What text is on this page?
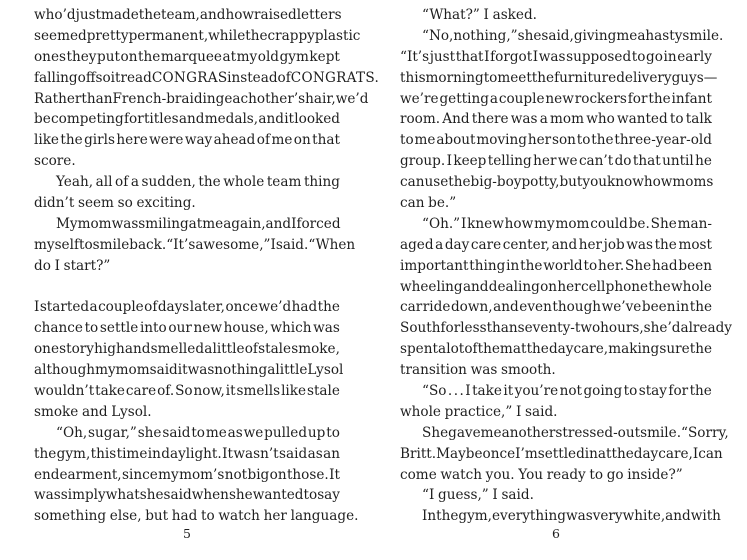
who’d just made the team, and how raised letters
seemed pretty permanent, while the crappy plastic
ones they put on the marquee at my old gym kept
falling off so it read CONGRA S instead of CONGRATS.
Rather than French-braiding each other’s hair, we’d
be competing for titles and medals, and it looked
like the girls here were way ahead of me on that
score.
Yeah, all of a sudden, the whole team thing
didn’t seem so exciting.
My mom was smiling at me again, and I forced
myself to smile back. “It’s awesome,” I said. “When
do I start?”
I started a couple of days later, once we’d had the
chance to settle into our new house, which was
one story high and smelled a little of stale smoke,
although my mom said it was nothing a little Lysol
wouldn’t take care of. So now, it smells like stale
smoke and Lysol.
“Oh, sugar,” she said to me as we pulled up to
the gym, this time in daylight. It wasn’t said as an
endearment, since my mom’s not big on those. It
was simply what she said when she wanted to say
something else, but had to watch her language.
5
“What?” I asked.
“No, nothing,” she said, giving me a hasty smile.
“It’s just that I forgot I was supposed to go in early
this morning to meet the furniture delivery guys—
we’re getting a couple new rockers for the infant
room. And there was a mom who wanted to talk
to me about moving her son to the three-year-old
group. I keep telling her we can’t do that until he
can use the big-boy potty, but you know how moms
can be.”
“Oh.” I knew how my mom could be. She man-
aged a day care center, and her job was the most
important thing in the world to her. She had been
wheeling and dealing on her cell phone the whole
car ride down, and even though we’ve been in the
South for less than seventy-two hours, she’d already
spent a lot of them at the day care, making sure the
transition was smooth.
“So . . . I take it you’re not going to stay for the
whole practice,” I said.
She gave me another stressed-out smile. “Sorry,
Britt. Maybe once I’m settled in at the day care, I can
come watch you. You ready to go inside?”
“I guess,” I said.
In the gym, everything was very white, and with
6
